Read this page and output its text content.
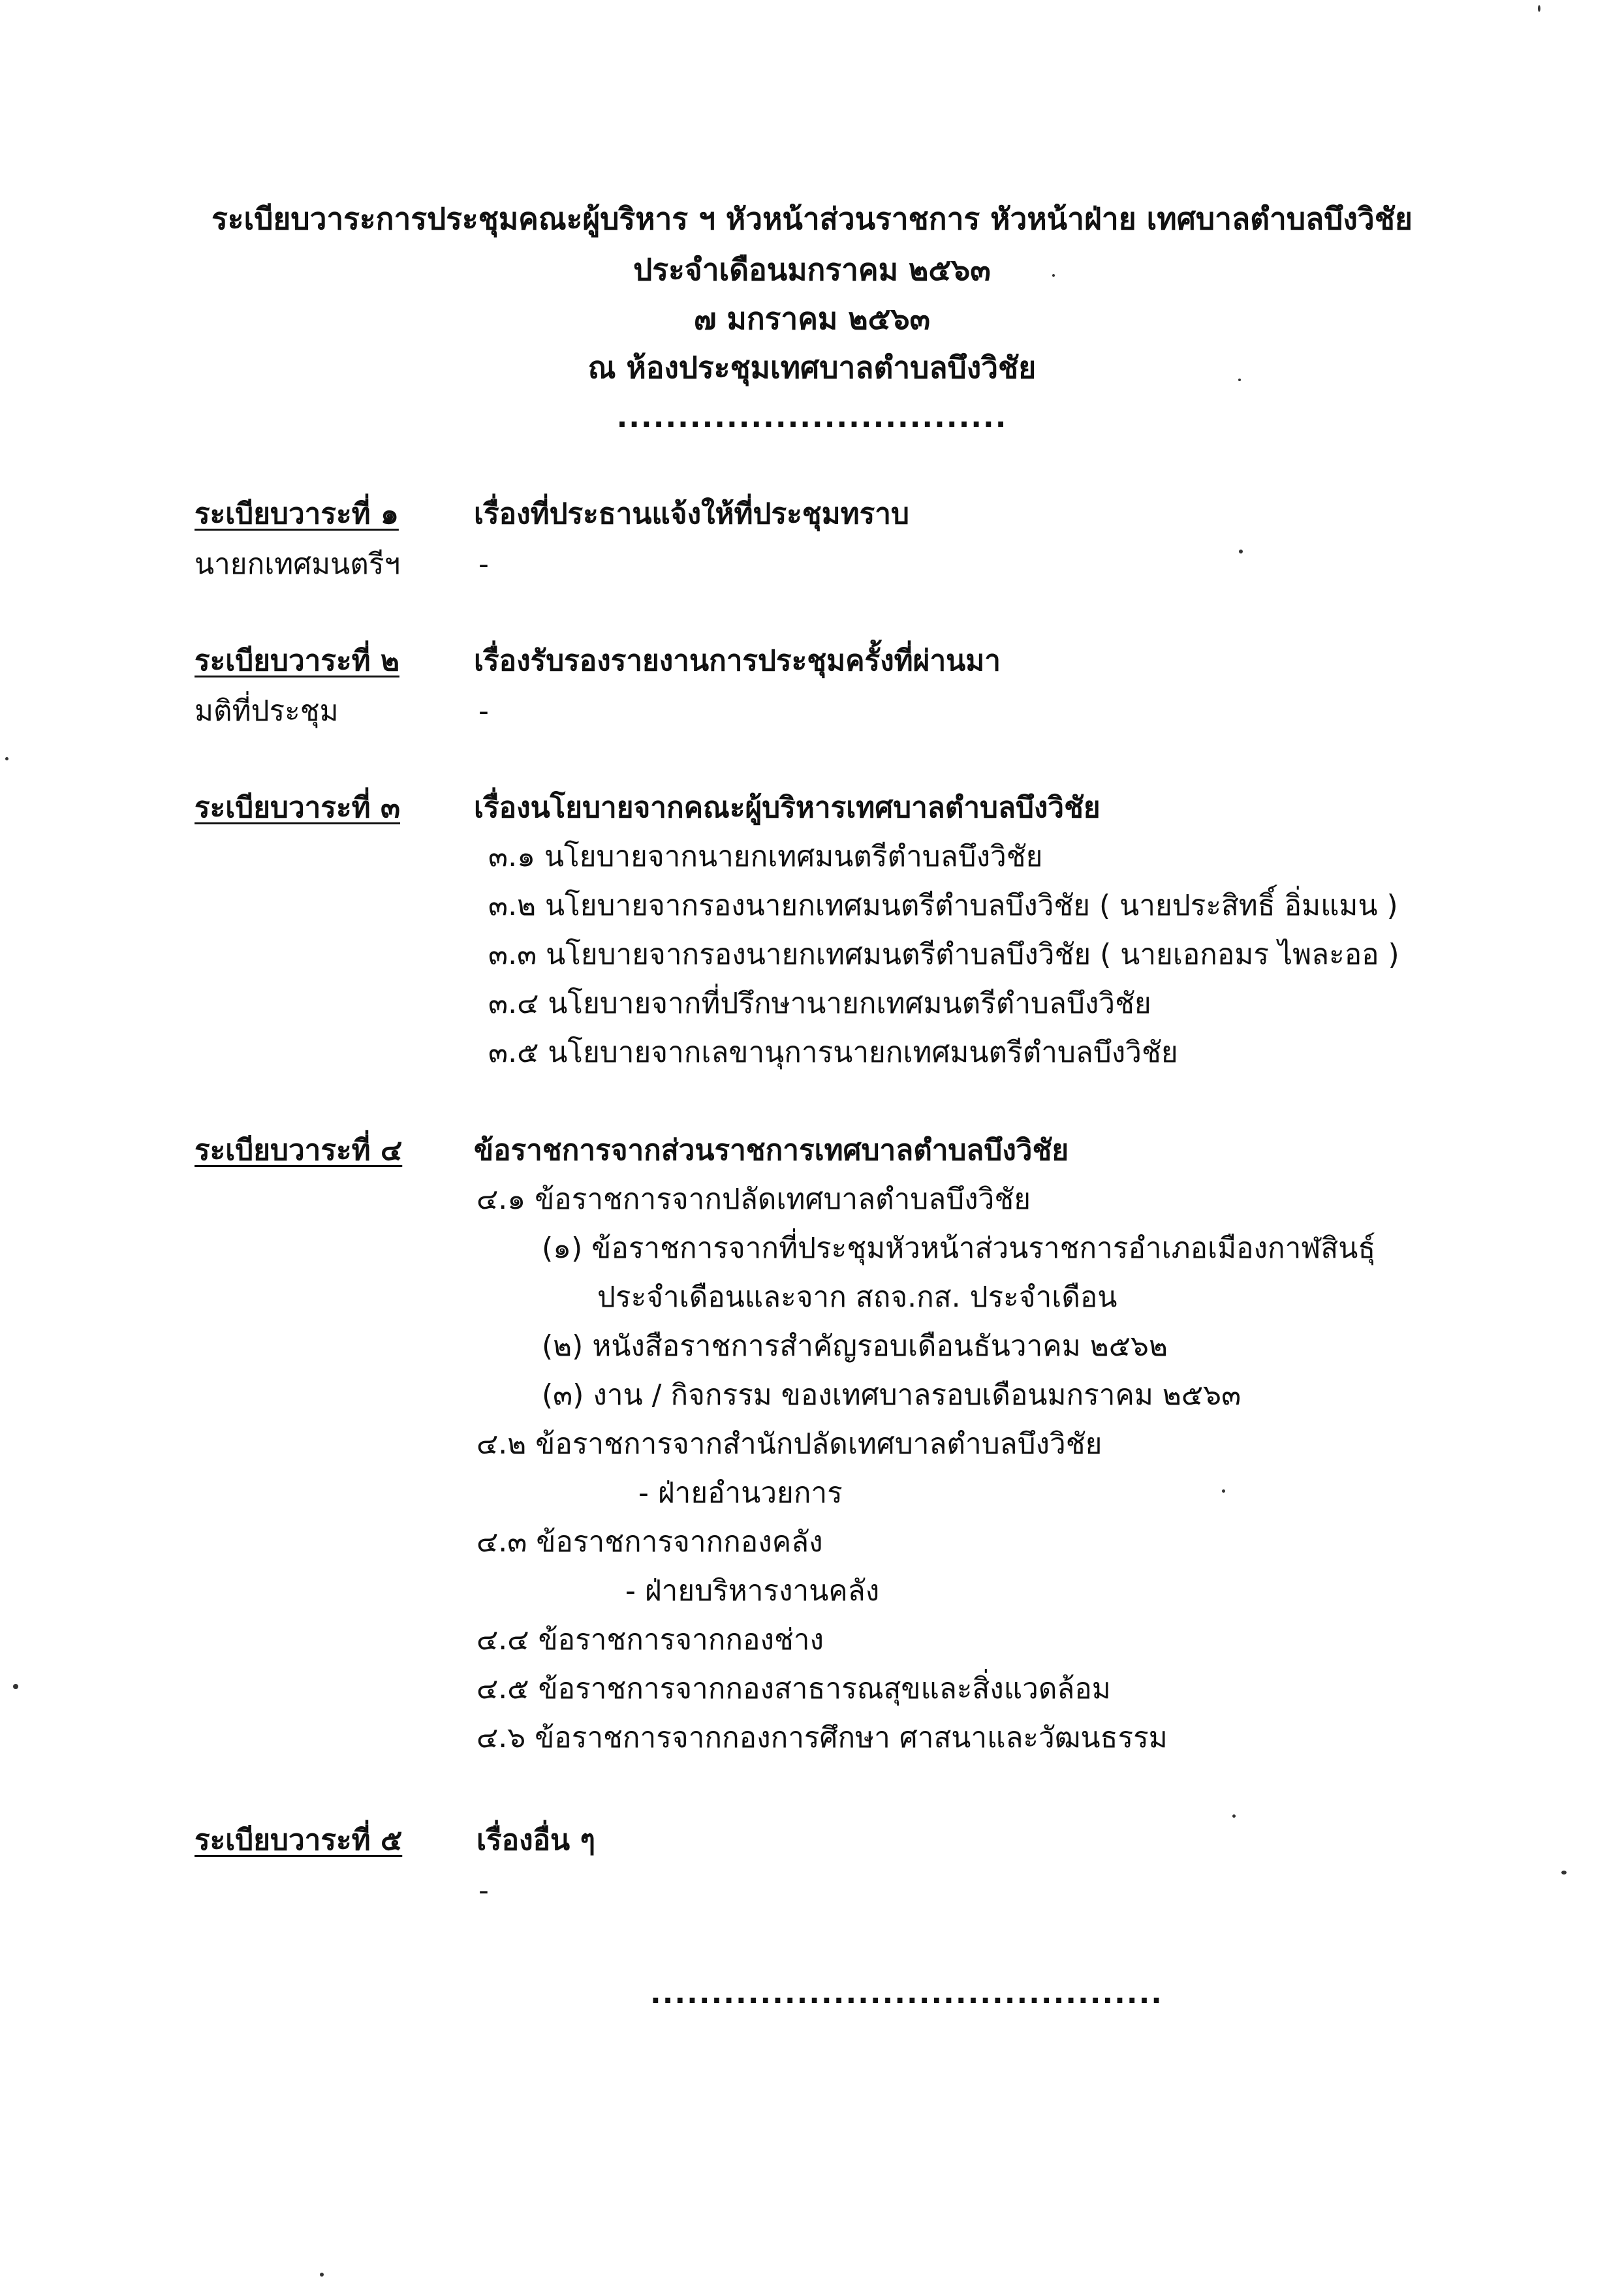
ระเบียบวาระการประชุมคณะผู้บริหาร ฯ หัวหน้าส่วนราชการ หัวหน้าฝ่าย เทศบาลตำบลบึงวิชัย
ประจำเดือนมกราคม ๒๕๖๓
๗ มกราคม ๒๕๖๓
ณ ห้องประชุมเทศบาลตำบลบึงวิชัย
................................
ระเบียบวาระที่ ๑	เรื่องที่ประธานแจ้งให้ที่ประชุมทราบ
นายกเทศมนตรีฯ	-
ระเบียบวาระที่ ๒	เรื่องรับรองรายงานการประชุมครั้งที่ผ่านมา
มติที่ประชุม	-
ระเบียบวาระที่ ๓	เรื่องนโยบายจากคณะผู้บริหารเทศบาลตำบลบึงวิชัย
๓.๑ นโยบายจากนายกเทศมนตรีตำบลบึงวิชัย
๓.๒ นโยบายจากรองนายกเทศมนตรีตำบลบึงวิชัย ( นายประสิทธิ์ อิ่มแมน )
๓.๓ นโยบายจากรองนายกเทศมนตรีตำบลบึงวิชัย ( นายเอกอมร ไพละออ )
๓.๔ นโยบายจากที่ปรึกษานายกเทศมนตรีตำบลบึงวิชัย
๓.๕ นโยบายจากเลขานุการนายกเทศมนตรีตำบลบึงวิชัย
ระเบียบวาระที่ ๔ ข้อราชการจากส่วนราชการเทศบาลตำบลบึงวิชัย
๔.๑ ข้อราชการจากปลัดเทศบาลตำบลบึงวิชัย
(๑) ข้อราชการจากที่ประชุมหัวหน้าส่วนราชการอำเภอเมืองกาฬสินธุ์
ประจำเดือนและจาก สถจ.กส. ประจำเดือน
(๒) หนังสือราชการสำคัญรอบเดือนธันวาคม ๒๕๖๒
(๓) งาน / กิจกรรม ของเทศบาลรอบเดือนมกราคม ๒๕๖๓
๔.๒ ข้อราชการจากสำนักปลัดเทศบาลตำบลบึงวิชัย
- ฝ่ายอำนวยการ
๔.๓ ข้อราชการจากกองคลัง
- ฝ่ายบริหารงานคลัง
๔.๔ ข้อราชการจากกองช่าง
๔.๕ ข้อราชการจากกองสาธารณสุขและสิ่งแวดล้อม
๔.๖ ข้อราชการจากกองการศึกษา ศาสนาและวัฒนธรรม
ระเบียบวาระที่ ๕	เรื่องอื่น ๆ
-
..........................................
